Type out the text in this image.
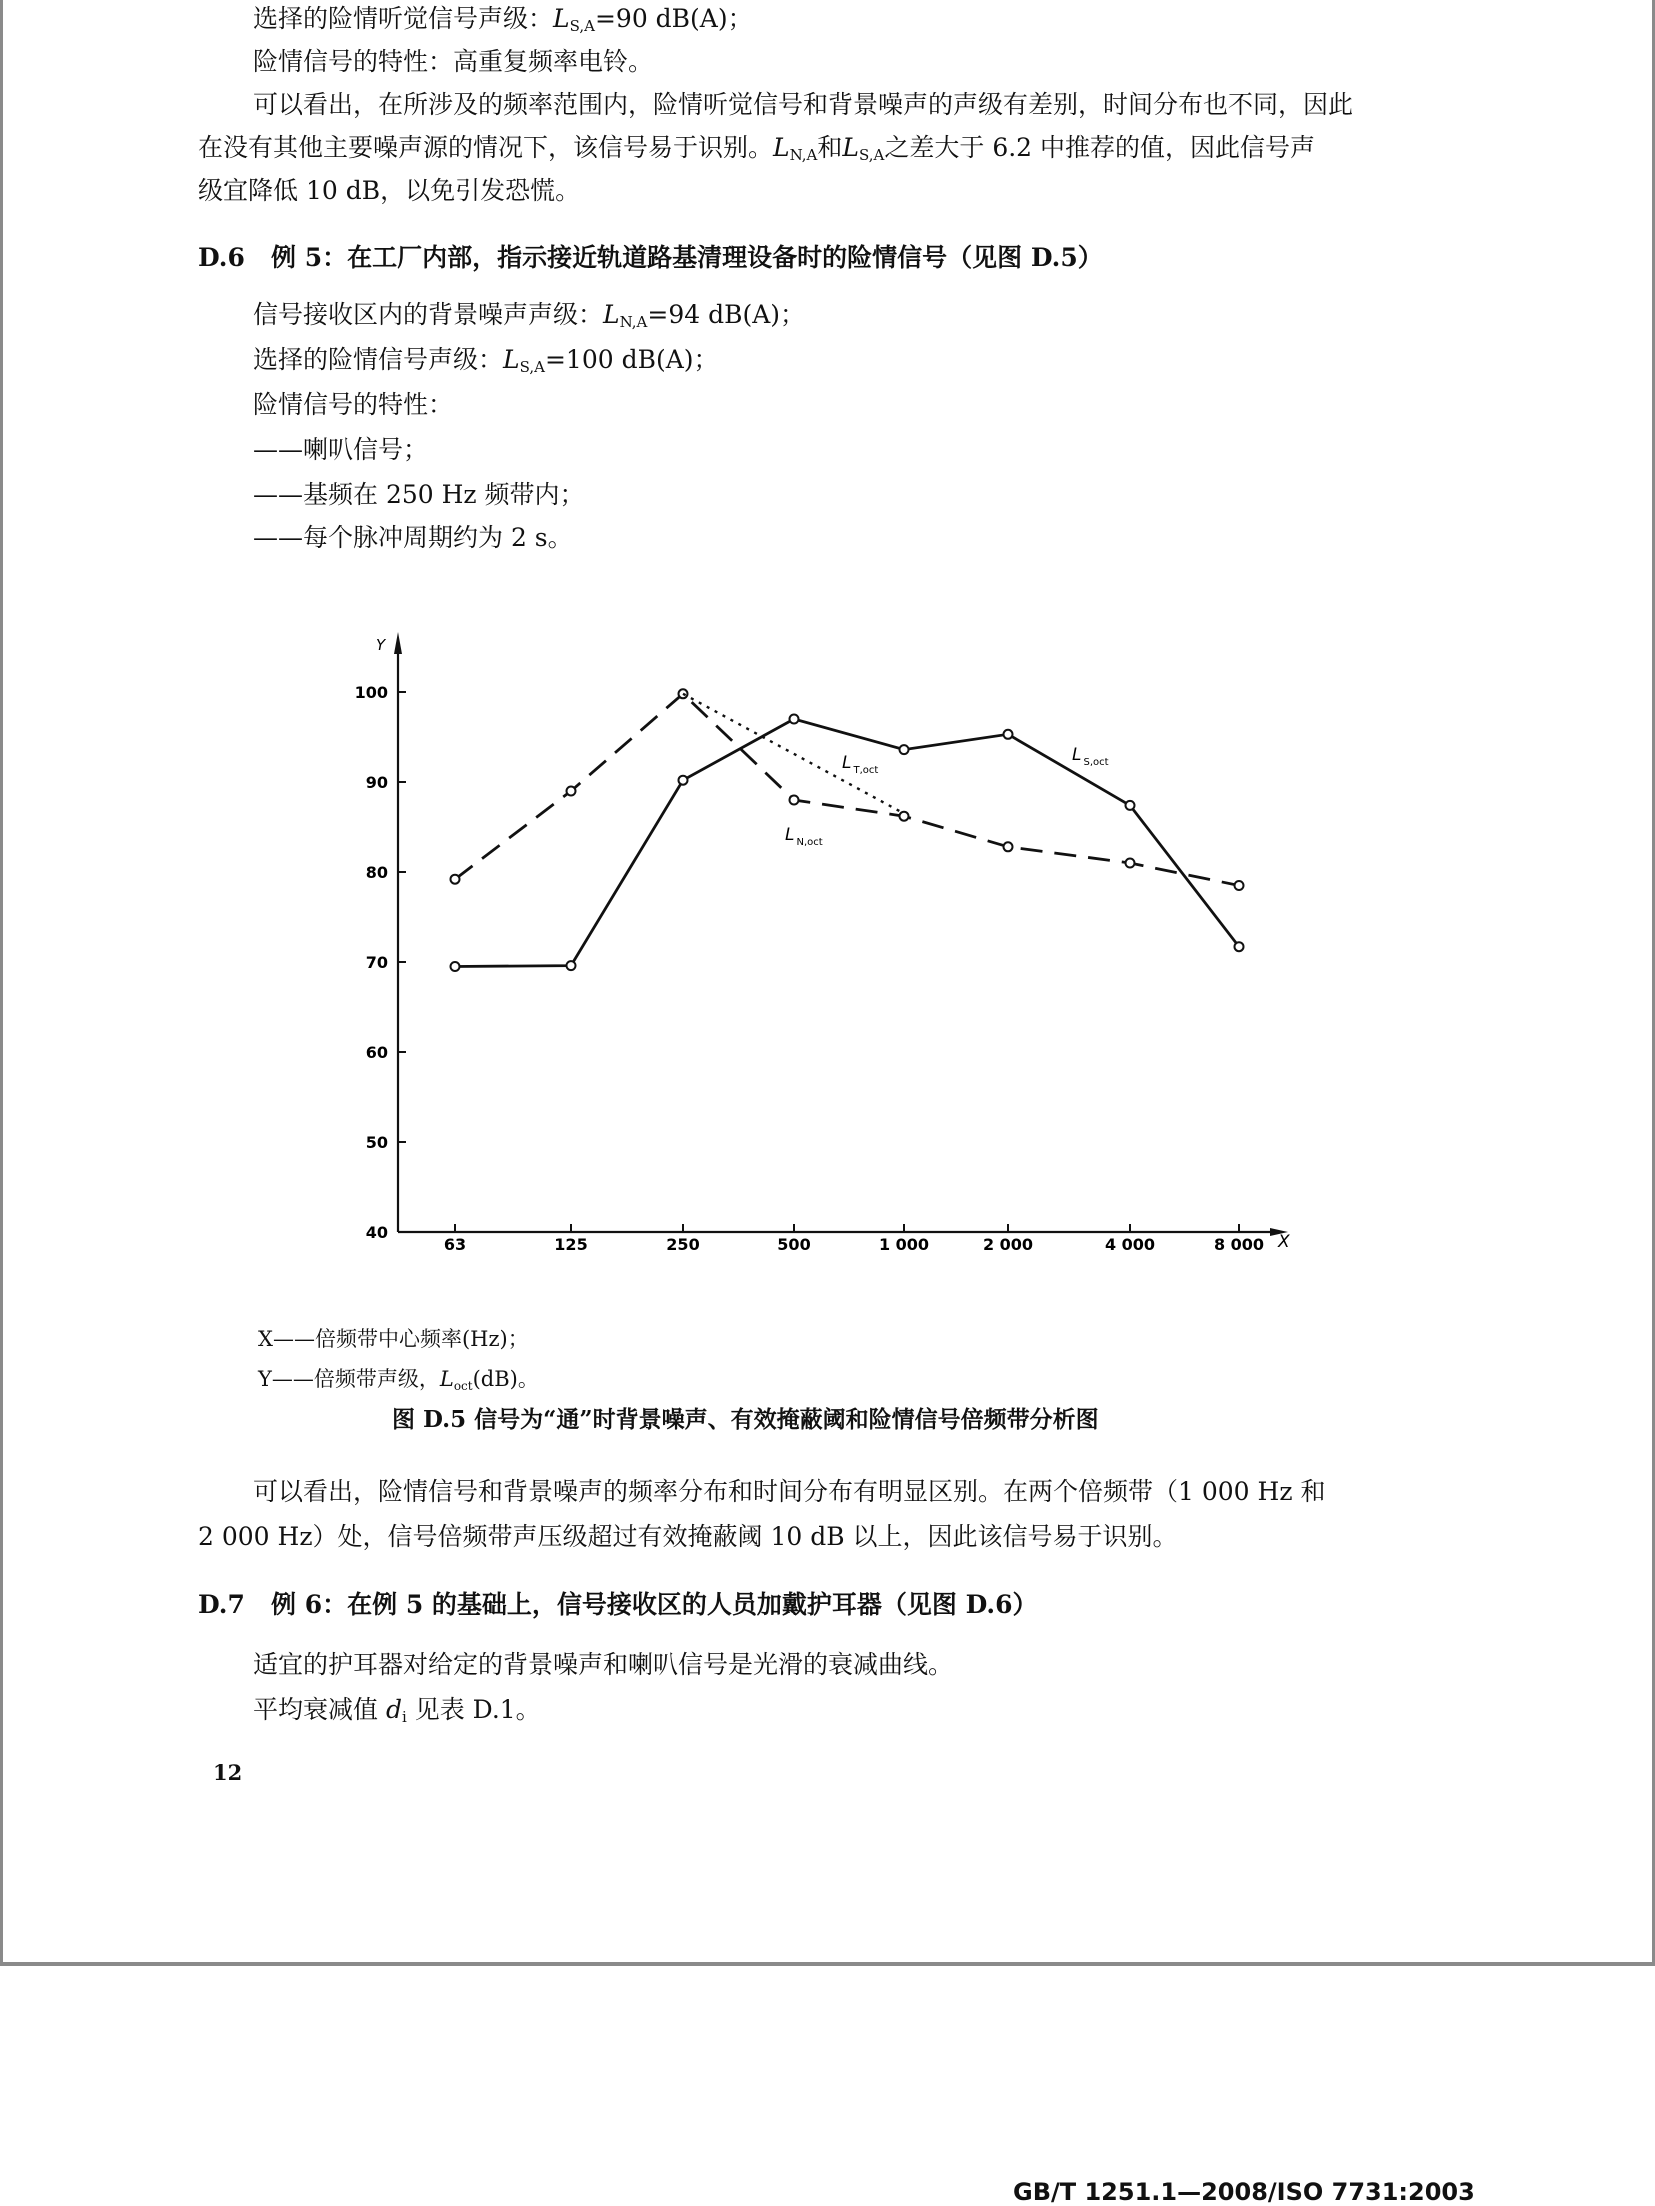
选择的险情听觉信号声级：$L_{S,A}=90$ dB(A)；
险情信号的特性：高重复频率电铃。
可以看出，在所涉及的频率范围内，险情听觉信号和背景噪声的声级有差别，时间分布也不同，因此
在没有其他主要噪声源的情况下，该信号易于识别。$L_{N,A}$和$L_{S,A}$之差大于 6.2 中推荐的值，因此信号声
级宜降低 10 dB，以免引发恐慌。
D.6 例 5：在工厂内部，指示接近轨道路基清理设备时的险情信号（见图 D.5）
信号接收区内的背景噪声声级：$L_{N,A}=94$ dB(A)；
选择的险情信号声级：$L_{S,A}=100$ dB(A)；
险情信号的特性：
——喇叭信号；
——基频在 250 Hz 频带内；
——每个脉冲周期约为 2 s。
Y
X
40
50
60
70
80
90
100
63	125	250	500	1 000	2 000	4 000	8 000
L $_{S,oct}$
L $_{N,oct}$
L $_{T,oct}$
X——倍频带中心频率(Hz)；
Y——倍频带声级，$L_{oct}(dB)$。
图 D.5 信号为“通”时背景噪声、有效掩蔽阈和险情信号倍频带分析图
可以看出，险情信号和背景噪声的频率分布和时间分布有明显区别。在两个倍频带（1 000 Hz 和
2 000 Hz）处，信号倍频带声压级超过有效掩蔽阈 10 dB 以上，因此该信号易于识别。
D.7 例 6：在例 5 的基础上，信号接收区的人员加戴护耳器（见图 D.6）
适宜的护耳器对给定的背景噪声和喇叭信号是光滑的衰减曲线。
平均衰减值 $d_i$ 见表 D.1。
12
GB/T 1251.1—2008/ISO 7731:2003
